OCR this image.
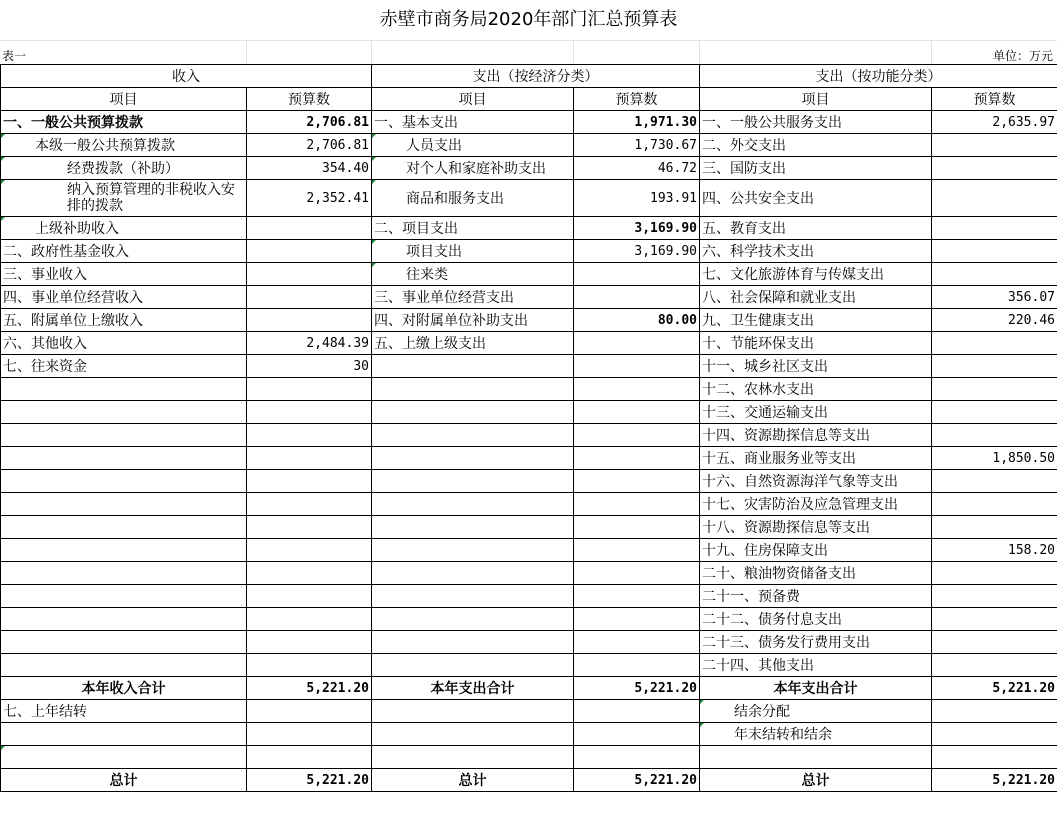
赤壁市商务局2020年部门汇总预算表
表一	单位：万元
收入		支出（按经济分类）		支出（按功能分类）	
项目	预算数	项目	预算数	项目	预算数
一、一般公共预算拨款	2,706.81	一、基本支出	1,971.30	一、一般公共服务支出	2,635.97
本级一般公共预算拨款	2,706.81	人员支出	1,730.67	二、外交支出	
经费拨款（补助）	354.40	对个人和家庭补助支出	46.72	三、国防支出	
纳入预算管理的非税收入安排的拨款	2,352.41	商品和服务支出	193.91	四、公共安全支出	
上级补助收入		二、项目支出	3,169.90	五、教育支出	
二、政府性基金收入		项目支出	3,169.90	六、科学技术支出	
三、事业收入		往来类		七、文化旅游体育与传媒支出	
四、事业单位经营收入		三、事业单位经营支出		八、社会保障和就业支出	356.07
五、附属单位上缴收入		四、对附属单位补助支出	80.00	九、卫生健康支出	220.46
六、其他收入	2,484.39	五、上缴上级支出		十、节能环保支出	
七、往来资金	30			十一、城乡社区支出	
				十二、农林水支出	
				十三、交通运输支出	
				十四、资源勘探信息等支出	
				十五、商业服务业等支出	1,850.50
				十六、自然资源海洋气象等支出	
				十七、灾害防治及应急管理支出	
				十八、资源勘探信息等支出	
				十九、住房保障支出	158.20
				二十、粮油物资储备支出	
				二十一、预备费	
				二十二、债务付息支出	
				二十三、债务发行费用支出	
				二十四、其他支出	
本年收入合计	5,221.20	本年支出合计	5,221.20	本年支出合计	5,221.20
七、上年结转				结余分配	
				年末结转和结余	

总计	5,221.20	总计	5,221.20	总计	5,221.20
